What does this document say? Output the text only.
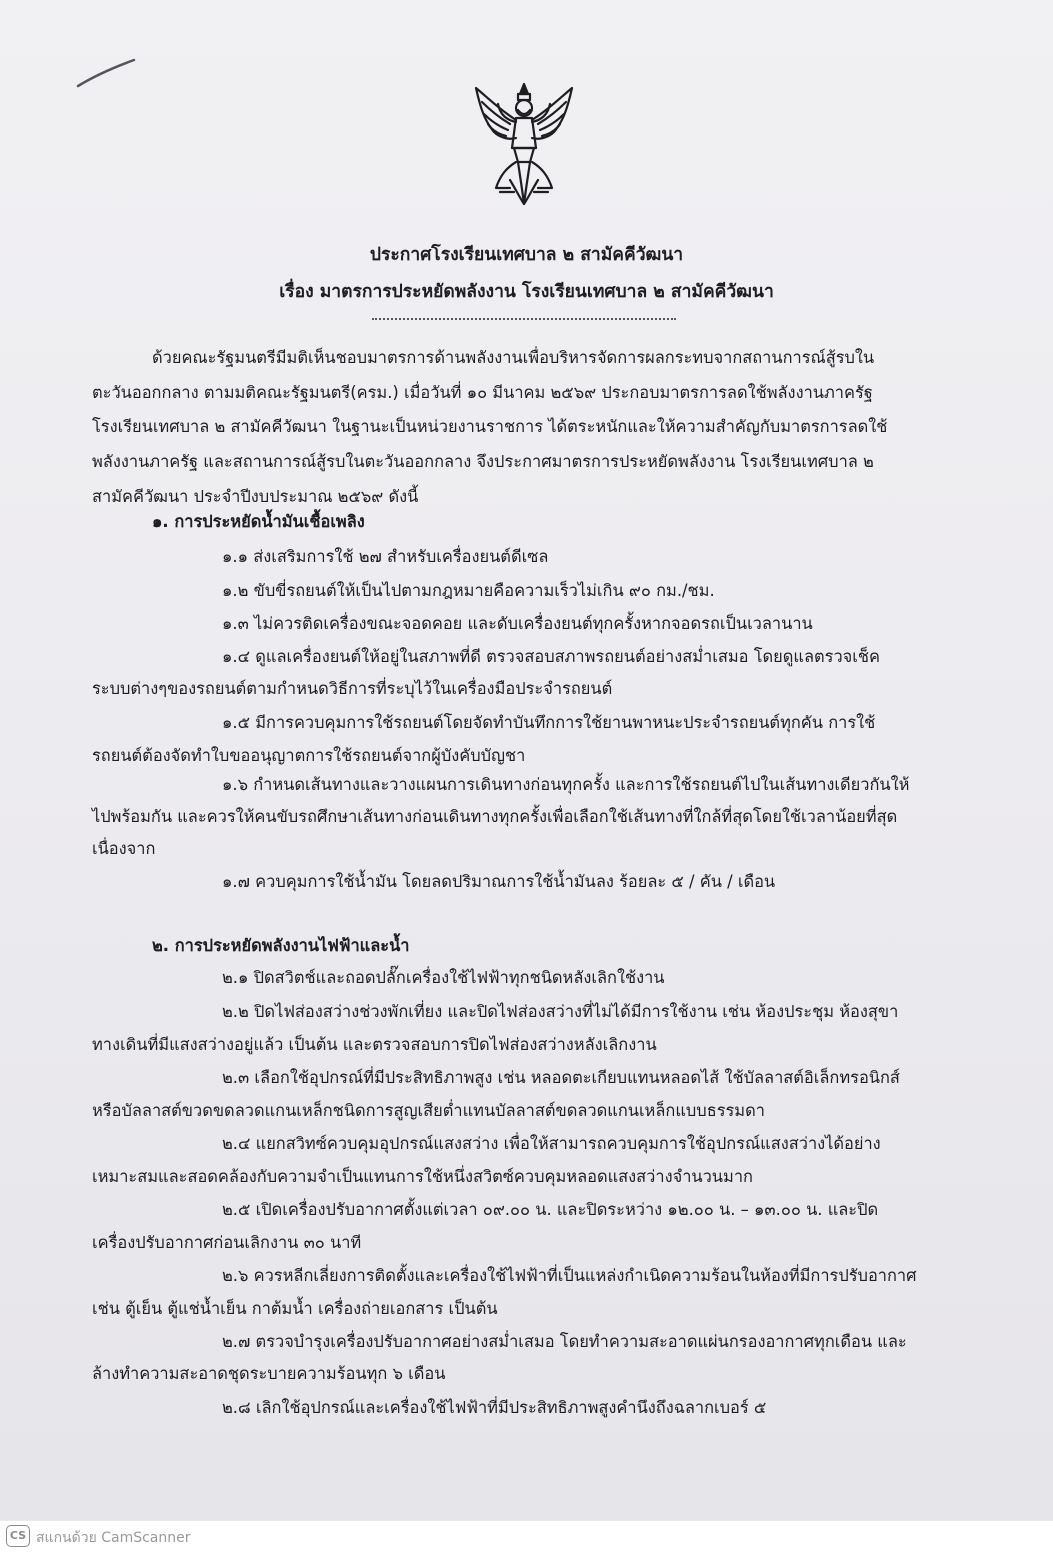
ประกาศโรงเรียนเทศบาล ๒ สามัคคีวัฒนา
เรื่อง มาตรการประหยัดพลังงาน โรงเรียนเทศบาล ๒ สามัคคีวัฒนา
ด้วยคณะรัฐมนตรีมีมติเห็นชอบมาตรการด้านพลังงานเพื่อบริหารจัดการผลกระทบจากสถานการณ์สู้รบใน
ตะวันออกกลาง ตามมติคณะรัฐมนตรี(ครม.) เมื่อวันที่ ๑๐ มีนาคม ๒๕๖๙ ประกอบมาตรการลดใช้พลังงานภาครัฐ
โรงเรียนเทศบาล ๒ สามัคคีวัฒนา ในฐานะเป็นหน่วยงานราชการ ได้ตระหนักและให้ความสำคัญกับมาตรการลดใช้
พลังงานภาครัฐ และสถานการณ์สู้รบในตะวันออกกลาง จึงประกาศมาตรการประหยัดพลังงาน โรงเรียนเทศบาล ๒
สามัคคีวัฒนา ประจำปีงบประมาณ ๒๕๖๙ ดังนี้
๑. การประหยัดน้ำมันเชื้อเพลิง
๑.๑ ส่งเสริมการใช้ ๒๗ สำหรับเครื่องยนต์ดีเซล
๑.๒ ขับขี่รถยนต์ให้เป็นไปตามกฎหมายคือความเร็วไม่เกิน ๙๐ กม./ชม.
๑.๓ ไม่ควรติดเครื่องขณะจอดคอย และดับเครื่องยนต์ทุกครั้งหากจอดรถเป็นเวลานาน
๑.๔ ดูแลเครื่องยนต์ให้อยู่ในสภาพที่ดี ตรวจสอบสภาพรถยนต์อย่างสม่ำเสมอ โดยดูแลตรวจเช็ค
ระบบต่างๆของรถยนต์ตามกำหนดวิธีการที่ระบุไว้ในเครื่องมือประจำรถยนต์
๑.๕ มีการควบคุมการใช้รถยนต์โดยจัดทำบันทึกการใช้ยานพาหนะประจำรถยนต์ทุกคัน การใช้
รถยนต์ต้องจัดทำใบขออนุญาตการใช้รถยนต์จากผู้บังคับบัญชา
๑.๖ กำหนดเส้นทางและวางแผนการเดินทางก่อนทุกครั้ง และการใช้รถยนต์ไปในเส้นทางเดียวกันให้
ไปพร้อมกัน และควรให้คนขับรถศึกษาเส้นทางก่อนเดินทางทุกครั้งเพื่อเลือกใช้เส้นทางที่ใกล้ที่สุดโดยใช้เวลาน้อยที่สุด
เนื่องจาก
๑.๗ ควบคุมการใช้น้ำมัน โดยลดปริมาณการใช้น้ำมันลง ร้อยละ ๕ / คัน / เดือน
๒. การประหยัดพลังงานไฟฟ้าและน้ำ
๒.๑ ปิดสวิตช์และถอดปลั๊กเครื่องใช้ไฟฟ้าทุกชนิดหลังเลิกใช้งาน
๒.๒ ปิดไฟส่องสว่างช่วงพักเที่ยง และปิดไฟส่องสว่างที่ไม่ได้มีการใช้งาน เช่น ห้องประชุม ห้องสุขา
ทางเดินที่มีแสงสว่างอยู่แล้ว เป็นต้น และตรวจสอบการปิดไฟส่องสว่างหลังเลิกงาน
๒.๓ เลือกใช้อุปกรณ์ที่มีประสิทธิภาพสูง เช่น หลอดตะเกียบแทนหลอดไส้ ใช้บัลลาสต์อิเล็กทรอนิกส์
หรือบัลลาสต์ขวดขดลวดแกนเหล็กชนิดการสูญเสียต่ำแทนบัลลาสต์ขดลวดแกนเหล็กแบบธรรมดา
๒.๔ แยกสวิทซ์ควบคุมอุปกรณ์แสงสว่าง เพื่อให้สามารถควบคุมการใช้อุปกรณ์แสงสว่างได้อย่าง
เหมาะสมและสอดคล้องกับความจำเป็นแทนการใช้หนึ่งสวิตซ์ควบคุมหลอดแสงสว่างจำนวนมาก
๒.๕ เปิดเครื่องปรับอากาศตั้งแต่เวลา ๐๙.๐๐ น. และปิดระหว่าง ๑๒.๐๐ น. – ๑๓.๐๐ น. และปิด
เครื่องปรับอากาศก่อนเลิกงาน ๓๐ นาที
๒.๖ ควรหลีกเลี่ยงการติดตั้งและเครื่องใช้ไฟฟ้าที่เป็นแหล่งกำเนิดความร้อนในห้องที่มีการปรับอากาศ
เช่น ตู้เย็น ตู้แช่น้ำเย็น กาต้มน้ำ เครื่องถ่ายเอกสาร เป็นต้น
๒.๗ ตรวจบำรุงเครื่องปรับอากาศอย่างสม่ำเสมอ โดยทำความสะอาดแผ่นกรองอากาศทุกเดือน และ
ล้างทำความสะอาดชุดระบายความร้อนทุก ๖ เดือน
๒.๘ เลิกใช้อุปกรณ์และเครื่องใช้ไฟฟ้าที่มีประสิทธิภาพสูงคำนึงถึงฉลากเบอร์ ๕
CS สแกนด้วย CamScanner
